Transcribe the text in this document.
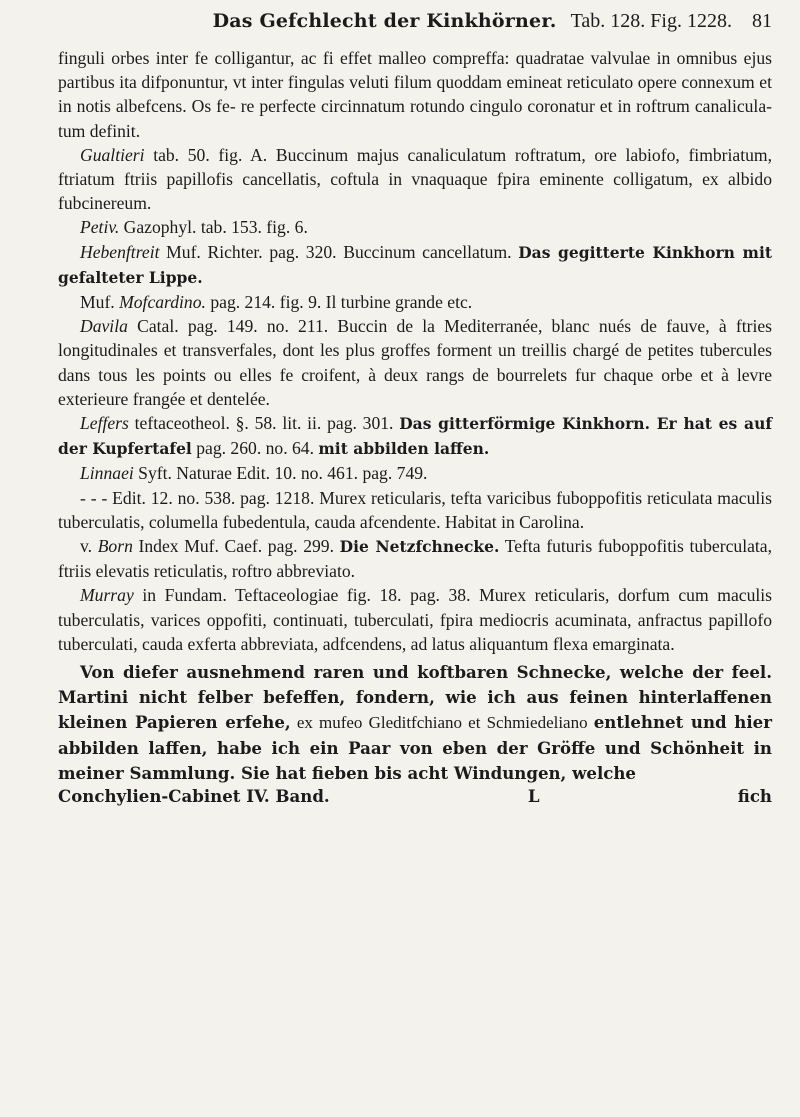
Das Gefchlecht der Kinkhörner. Tab. 128. Fig. 1228. 81

finguli orbes inter fe colligantur, ac fi effet malleo compreffa: quadratae valvulae in omnibus ejus partibus ita difponuntur, vt inter fingulas veluti filum quoddam emineat reticulato opere connexum et in notis albefcens. Os fe- re perfecte circinnatum rotundo cingulo coronatur et in roftrum canalicula- tum definit.

Gualtieri tab. 50. fig. A. Buccinum majus canaliculatum roftratum, ore labiofo, fimbriatum, ftriatum ftriis papillofis cancellatis, coftula in vnaquaque fpira eminente colligatum, ex albido fubcinereum.

Petiv. Gazophyl. tab. 153. fig. 6.

Hebenftreit Muf. Richter. pag. 320. Buccinum cancellatum. Das gegitterte Kinkhorn mit gefalteter Lippe.

Muf. Mofcardino. pag. 214. fig. 9. Il turbine grande etc.

Davila Catal. pag. 149. no. 211. Buccin de la Mediterranée, blanc nués de fauve, à ftries longitudinales et transverfales, dont les plus groffes forment un treillis chargé de petites tubercules dans tous les points ou elles fe croifent, à deux rangs de bourrelets fur chaque orbe et à levre exterieure frangée et dentelée.

Leffers teftaceotheol. §. 58. lit. ii. pag. 301. Das gitterförmige Kinkhorn. Er hat es auf der Kupfertafel pag. 260. no. 64. mit abbilden laffen.

Linnaei Syft. Naturae Edit. 10. no. 461. pag. 749.

- - - Edit. 12. no. 538. pag. 1218. Murex reticularis, tefta varicibus fuboppofitis reticulata maculis tuberculatis, columella fubedentula, cauda afcendente. Habitat in Carolina.

v. Born Index Muf. Caef. pag. 299. Die Netzfchnecke. Tefta futuris fuboppofitis tuberculata, ftriis elevatis reticulatis, roftro abbreviato.

Murray in Fundam. Teftaceologiae fig. 18. pag. 38. Murex reticularis, dorfum cum maculis tuberculatis, varices oppofiti, continuati, tuberculati, fpira mediocris acuminata, anfractus papillofo tuberculati, cauda exferta abbreviata, adfcendens, ad latus aliquantum flexa emarginata.

Von diefer ausnehmend raren und koftbaren Schnecke, welche der feel. Martini nicht felber befeffen, fondern, wie ich aus feinen hinterlaffenen kleinen Papieren erfehe, ex mufeo Gleditfchiano et Schmiedeliano entlehnet und hier abbilden laffen, habe ich ein Paar von eben der Gröffe und Schönheit in meiner Sammlung. Sie hat fieben bis acht Windungen, welche

Conchylien-Cabinet IV. Band.	L	fich
